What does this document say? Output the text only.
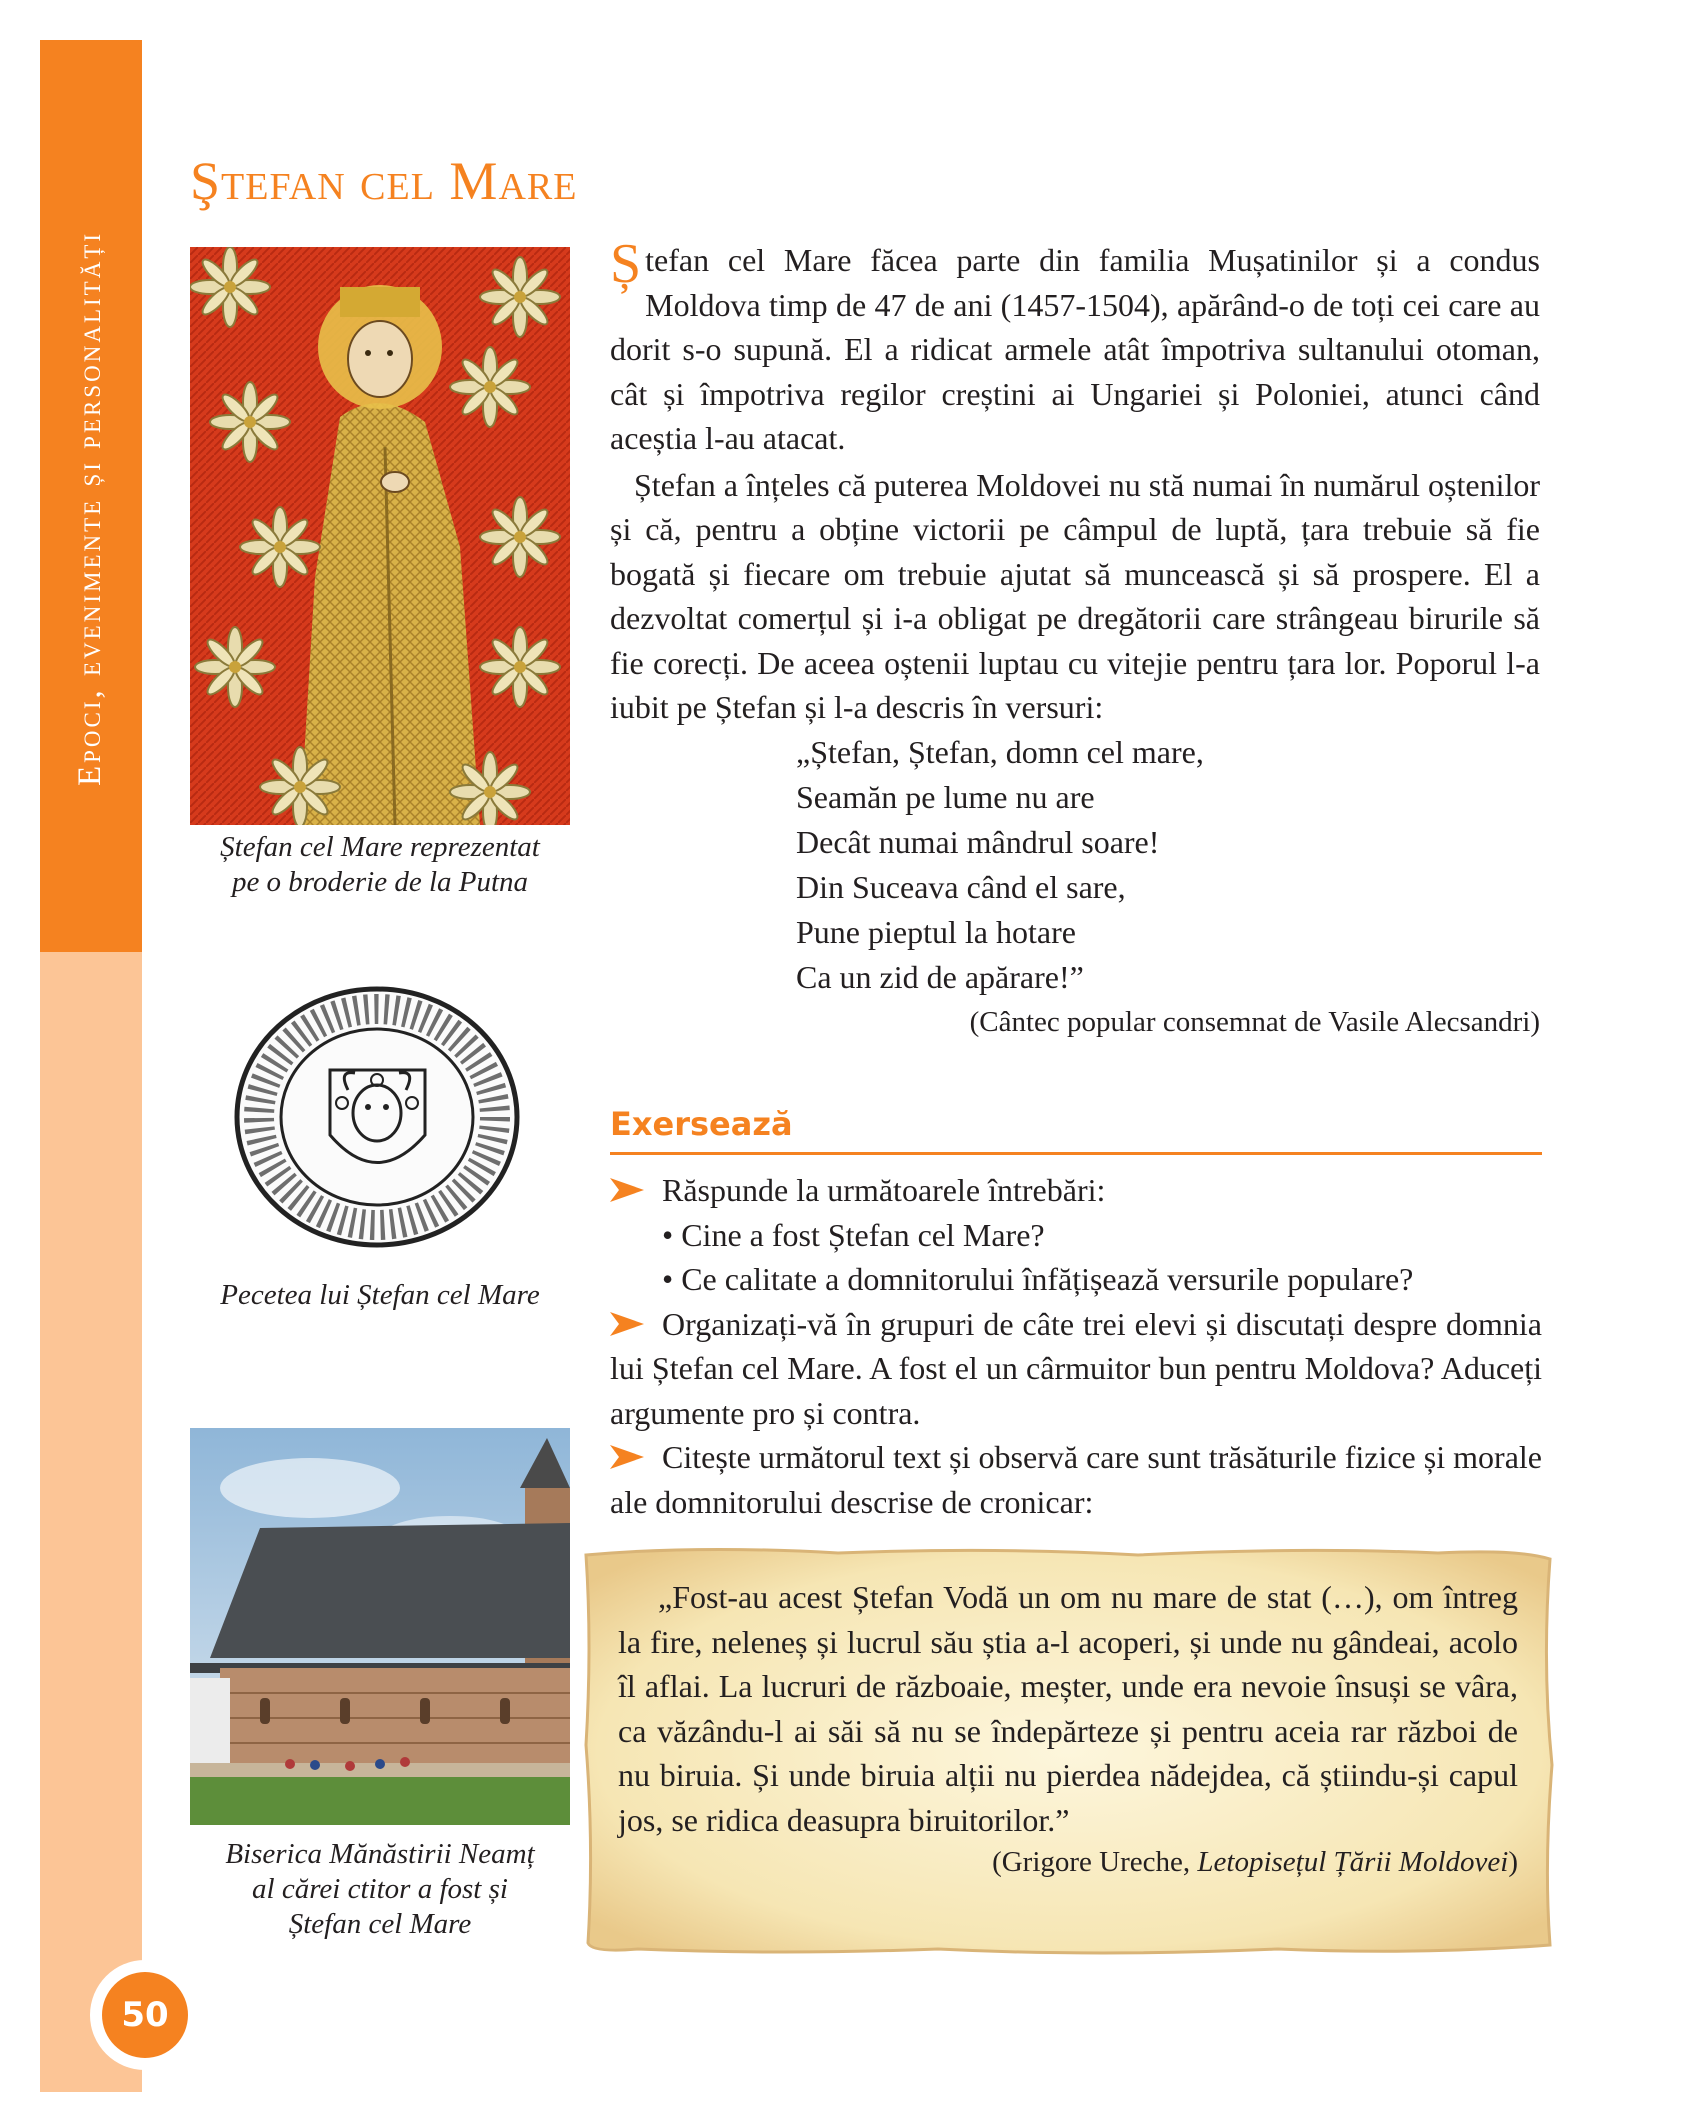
Epoci, evenimente și personalități
50
Ştefan cel Mare
Ștefan cel Mare reprezentat
pe o broderie de la Putna
Pecetea lui Ștefan cel Mare
Biserica Mănăstirii Neamț
al cărei ctitor a fost și
Ștefan cel Mare

Ștefan cel Mare făcea parte din familia Mușatinilor și a condus Moldova timp de 47 de ani (1457-1504), apărând-o de toți cei care au dorit s-o supună. El a ridicat armele atât împotriva sultanului otoman, cât și împotriva regilor creștini ai Ungariei și Poloniei, atunci când aceștia l-au atacat.

Ștefan a înțeles că puterea Moldovei nu stă numai în numărul oștenilor și că, pentru a obține victorii pe câmpul de luptă, țara trebuie să fie bogată și fiecare om trebuie ajutat să muncească și să prospere. El a dezvoltat comerțul și i-a obligat pe dregătorii care strângeau birurile să fie corecți. De aceea oștenii luptau cu vitejie pentru țara lor. Poporul l-a iubit pe Ștefan și l-a descris în versuri:

„Ștefan, Ștefan, domn cel mare,
Seamăn pe lume nu are
Decât numai mândrul soare!
Din Suceava când el sare,
Pune pieptul la hotare
Ca un zid de apărare!”
(Cântec popular consemnat de Vasile Alecsandri)
Exersează
Răspunde la următoarele întrebări:
• Cine a fost Ștefan cel Mare?
• Ce calitate a domnitorului înfățișează versurile populare?
Organizați-vă în grupuri de câte trei elevi și discutați despre domnia lui Ștefan cel Mare. A fost el un cârmuitor bun pentru Moldova? Aduceți argumente pro și contra.
Citește următorul text și observă care sunt trăsăturile fizice și morale ale domnitorului descrise de cronicar:
„Fost-au acest Ștefan Vodă un om nu mare de stat (…), om întreg la fire, neleneș și lucrul său știa a-l acoperi, și unde nu gândeai, acolo îl aflai. La lucruri de războaie, meșter, unde era nevoie însuși se vâra, ca văzându-l ai săi să nu se îndepărteze și pentru aceia rar război de nu biruia. Și unde biruia alții nu pierdea nădejdea, că știindu-și capul jos, se ridica deasupra biruitorilor.”
(Grigore Ureche, Letopisețul Țării Moldovei)
